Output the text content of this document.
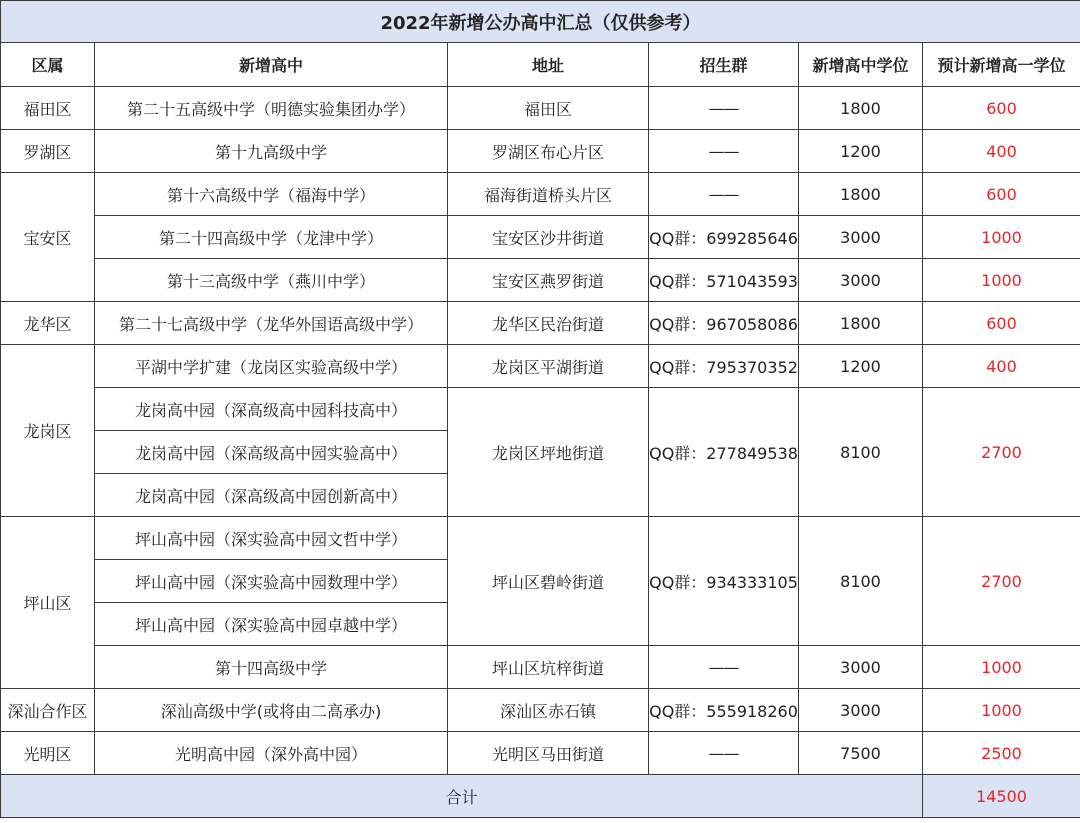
2022年新增公办高中汇总（仅供参考）					
区属	新增高中	地址	招生群	新增高中学位	预计新增高一学位
福田区	第二十五高级中学（明德实验集团办学）	福田区	——	1800	600
罗湖区	第十九高级中学	罗湖区布心片区	——	1200	400
宝安区	第十六高级中学（福海中学）	福海街道桥头片区	——	1800	600
	第二十四高级中学（龙津中学）	宝安区沙井街道	QQ群：699285646	3000	1000
	第十三高级中学（燕川中学）	宝安区燕罗街道	QQ群：571043593	3000	1000
龙华区	第二十七高级中学（龙华外国语高级中学）	龙华区民治街道	QQ群：967058086	1800	600
龙岗区	平湖中学扩建（龙岗区实验高级中学）	龙岗区平湖街道	QQ群：795370352	1200	400
	龙岗高中园（深高级高中园科技高中）	龙岗区坪地街道	QQ群：277849538	8100	2700
	龙岗高中园（深高级高中园实验高中）				
	龙岗高中园（深高级高中园创新高中）				
坪山区	坪山高中园（深实验高中园文哲中学）	坪山区碧岭街道	QQ群：934333105	8100	2700
	坪山高中园（深实验高中园数理中学）				
	坪山高中园（深实验高中园卓越中学）				
	第十四高级中学	坪山区坑梓街道	——	3000	1000
深汕合作区	深汕高级中学(或将由二高承办)	深汕区赤石镇	QQ群：555918260	3000	1000
光明区	光明高中园（深外高中园）	光明区马田街道	——	7500	2500
合计					14500
